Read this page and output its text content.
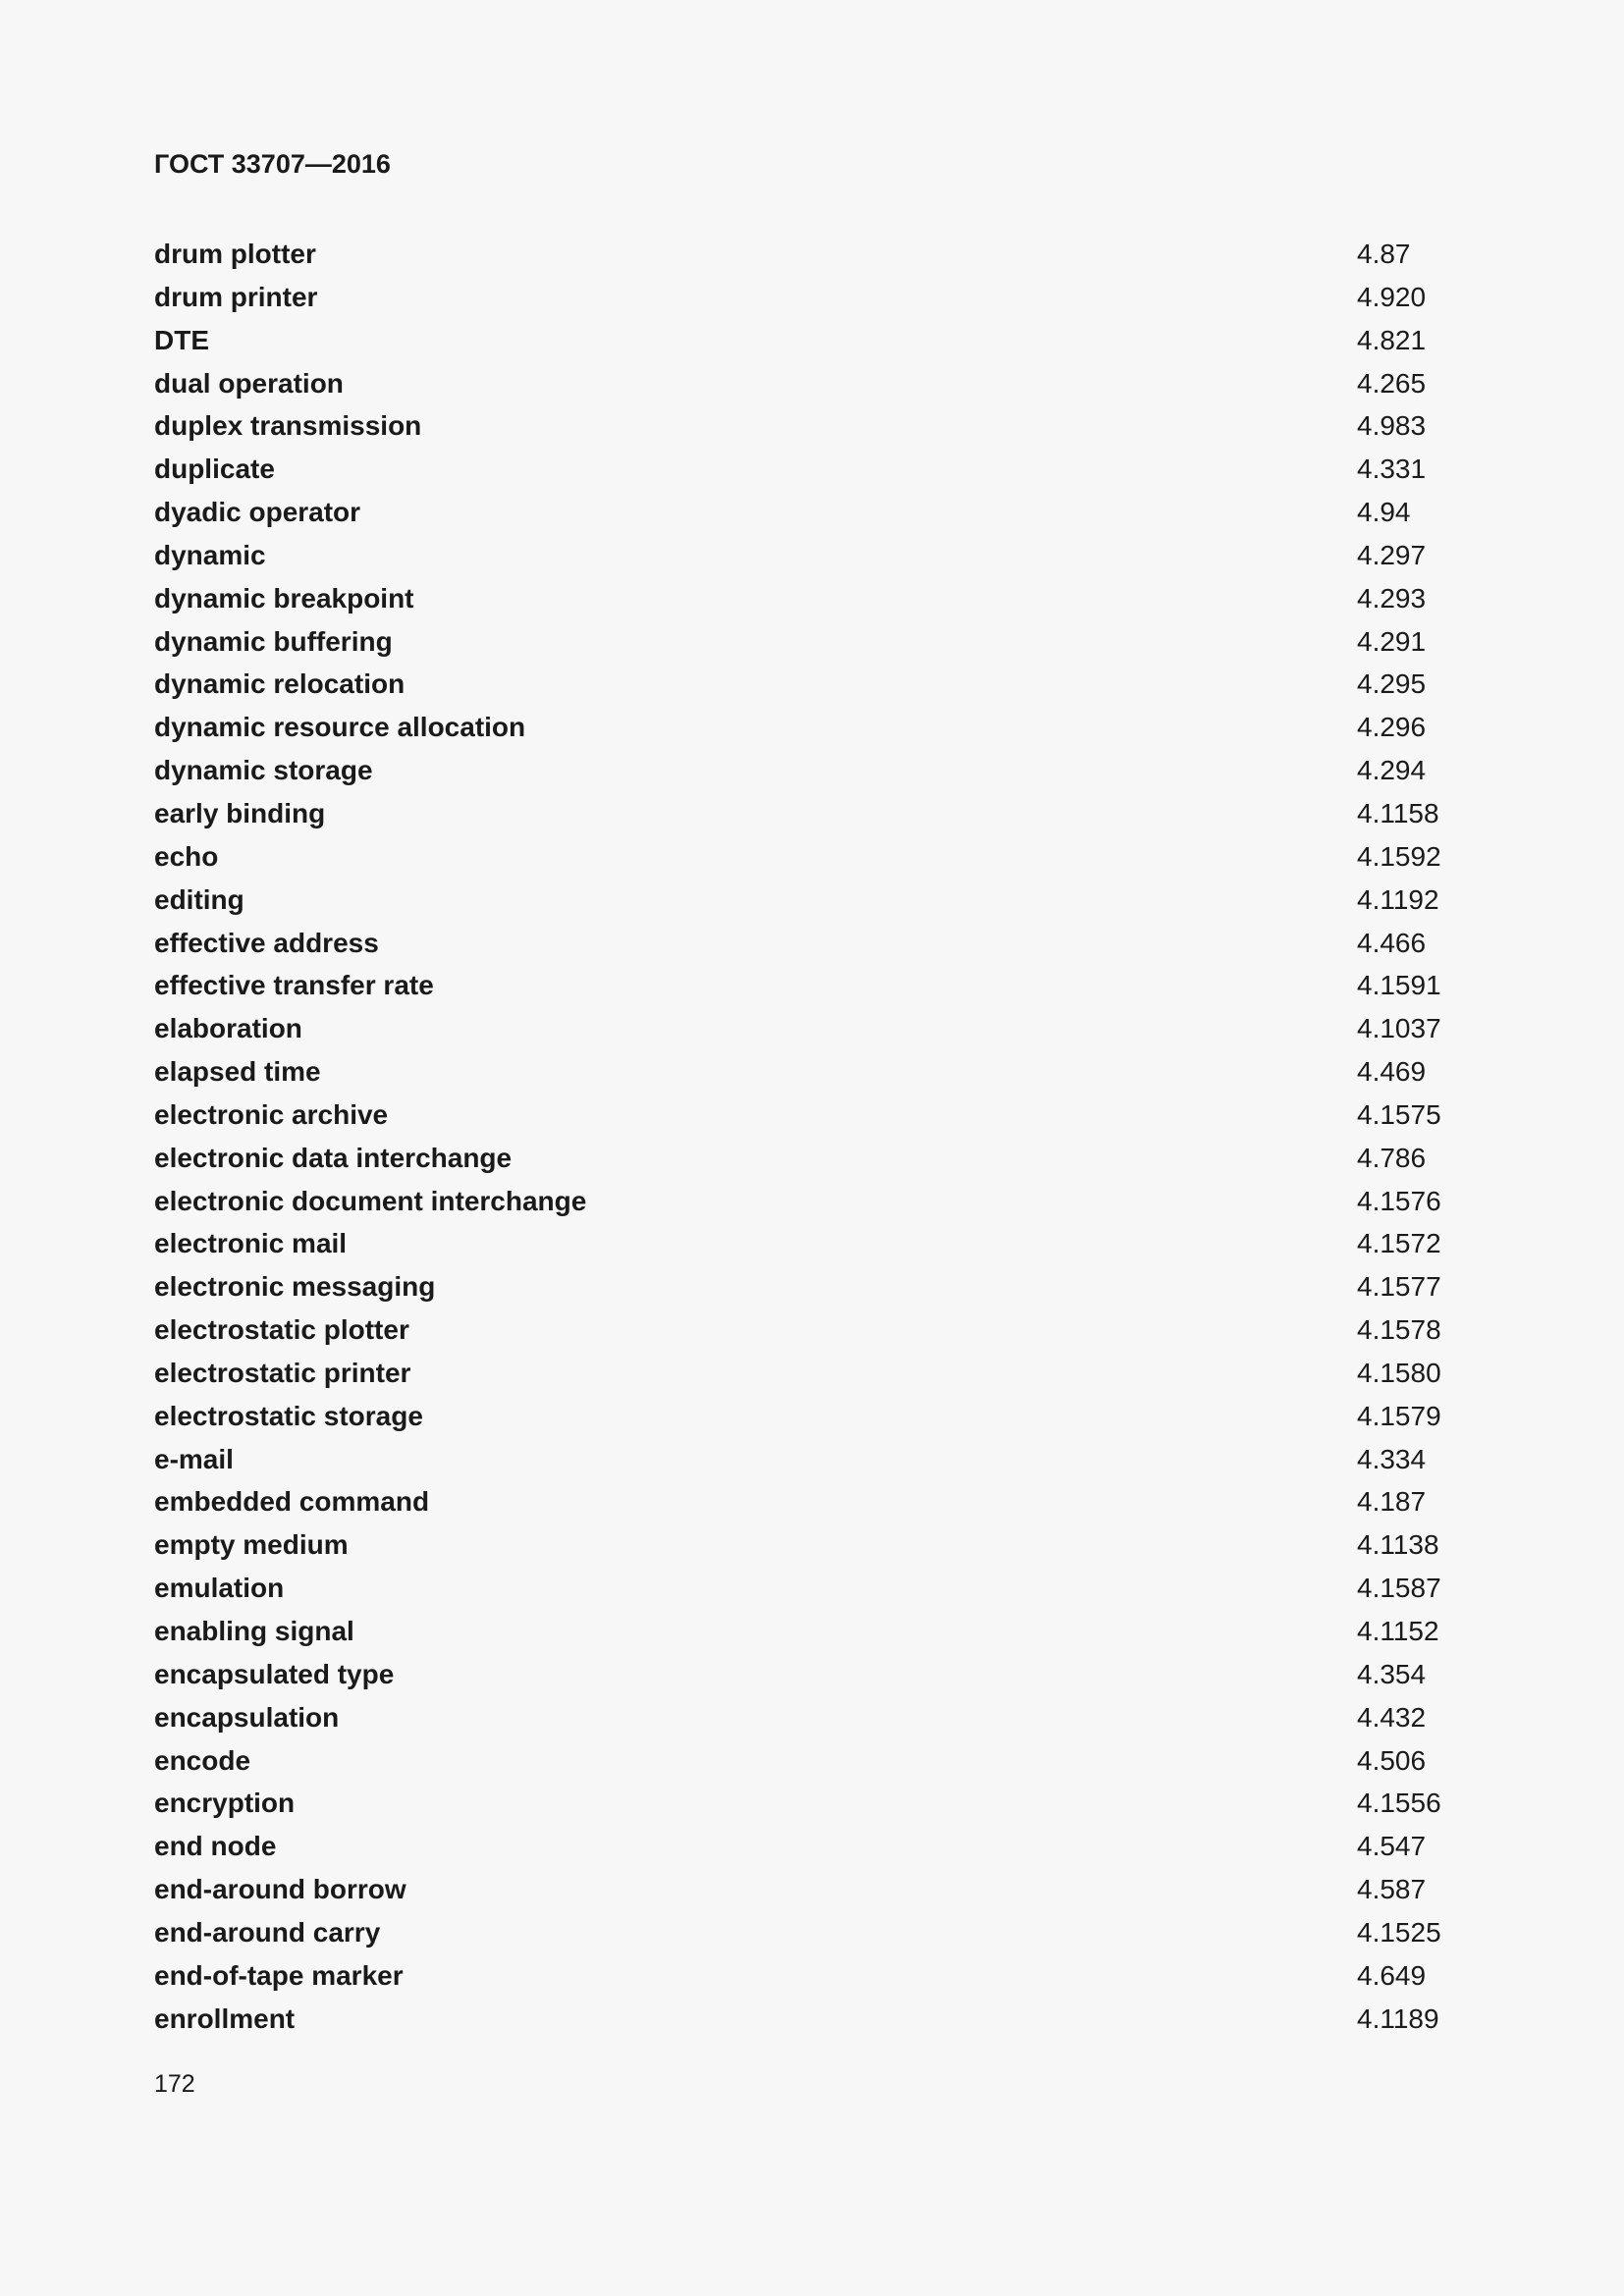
ГОСТ 33707—2016
drum plotter	4.87
drum printer	4.920
DTE	4.821
dual operation	4.265
duplex transmission	4.983
duplicate	4.331
dyadic operator	4.94
dynamic	4.297
dynamic breakpoint	4.293
dynamic buffering	4.291
dynamic relocation	4.295
dynamic resource allocation	4.296
dynamic storage	4.294
early binding	4.1158
echo	4.1592
editing	4.1192
effective address	4.466
effective transfer rate	4.1591
elaboration	4.1037
elapsed time	4.469
electronic archive	4.1575
electronic data interchange	4.786
electronic document interchange	4.1576
electronic mail	4.1572
electronic messaging	4.1577
electrostatic plotter	4.1578
electrostatic printer	4.1580
electrostatic storage	4.1579
e-mail	4.334
embedded command	4.187
empty medium	4.1138
emulation	4.1587
enabling signal	4.1152
encapsulated type	4.354
encapsulation	4.432
encode	4.506
encryption	4.1556
end node	4.547
end-around borrow	4.587
end-around carry	4.1525
end-of-tape marker	4.649
enrollment	4.1189
172
